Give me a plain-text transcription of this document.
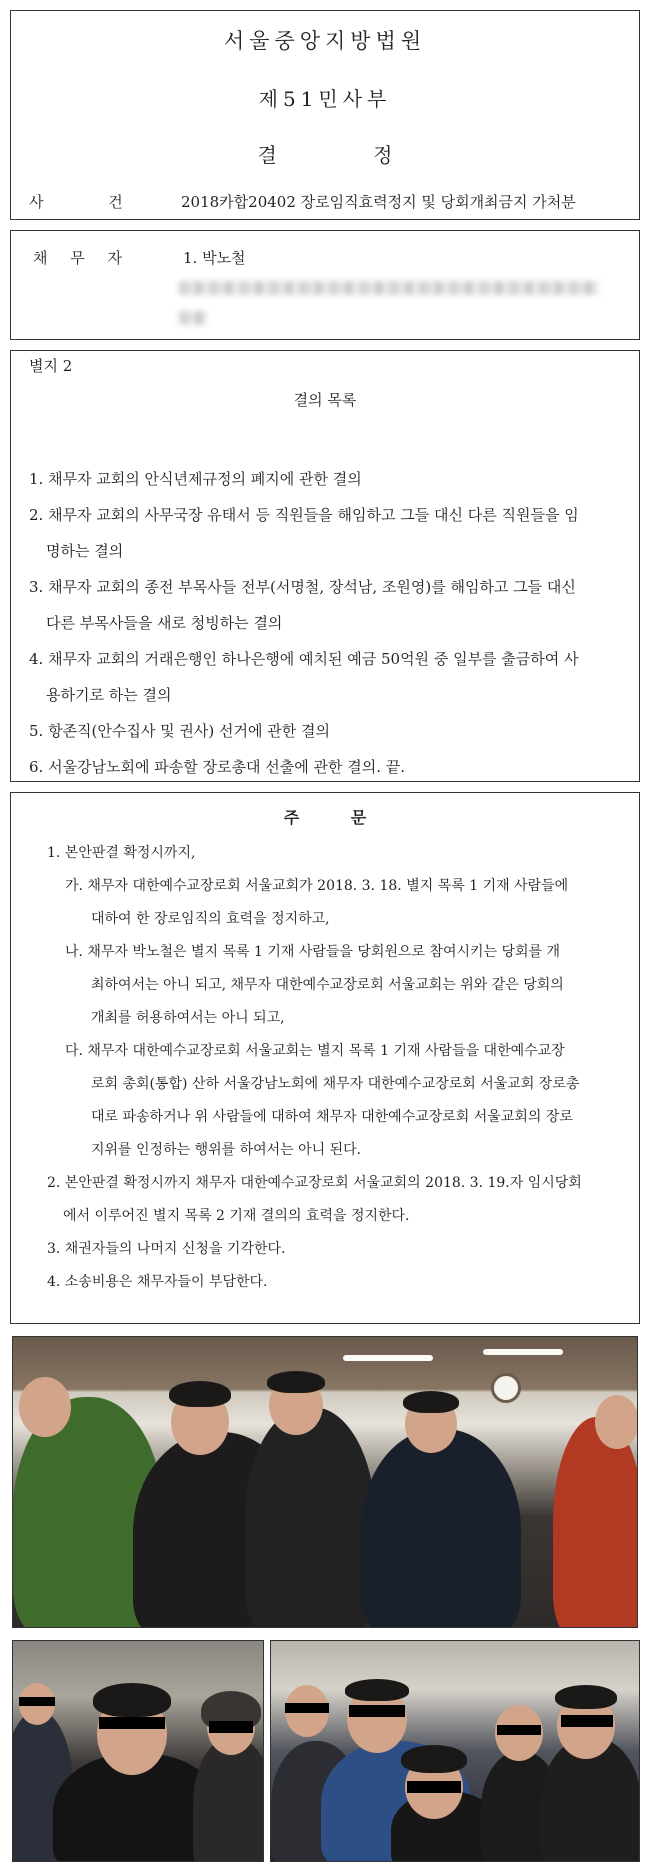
서울중앙지방법원
제51민사부
결 정
사 건	2018카합20402 장로임직효력정지 및 당회개최금지 가처분
채 무 자	1. 박노철
별지 2
결의 목록
1. 채무자 교회의 안식년제규정의 폐지에 관한 결의
2. 채무자 교회의 사무국장 유태서 등 직원들을 해임하고 그들 대신 다른 직원들을 임
명하는 결의
3. 채무자 교회의 종전 부목사들 전부(서명철, 장석남, 조원영)를 해임하고 그들 대신
다른 부목사들을 새로 청빙하는 결의
4. 채무자 교회의 거래은행인 하나은행에 예치된 예금 50억원 중 일부를 출금하여 사
용하기로 하는 결의
5. 항존직(안수집사 및 권사) 선거에 관한 결의
6. 서울강남노회에 파송할 장로총대 선출에 관한 결의. 끝.
주 문
1. 본안판결 확정시까지,
가. 채무자 대한예수교장로회 서울교회가 2018. 3. 18. 별지 목록 1 기재 사람들에
대하여 한 장로임직의 효력을 정지하고,
나. 채무자 박노철은 별지 목록 1 기재 사람들을 당회원으로 참여시키는 당회를 개
최하여서는 아니 되고, 채무자 대한예수교장로회 서울교회는 위와 같은 당회의
개최를 허용하여서는 아니 되고,
다. 채무자 대한예수교장로회 서울교회는 별지 목록 1 기재 사람들을 대한예수교장
로회 총회(통합) 산하 서울강남노회에 채무자 대한예수교장로회 서울교회 장로총
대로 파송하거나 위 사람들에 대하여 채무자 대한예수교장로회 서울교회의 장로
지위를 인정하는 행위를 하여서는 아니 된다.
2. 본안판결 확정시까지 채무자 대한예수교장로회 서울교회의 2018. 3. 19.자 임시당회
에서 이루어진 별지 목록 2 기재 결의의 효력을 정지한다.
3. 채권자들의 나머지 신청을 기각한다.
4. 소송비용은 채무자들이 부담한다.
